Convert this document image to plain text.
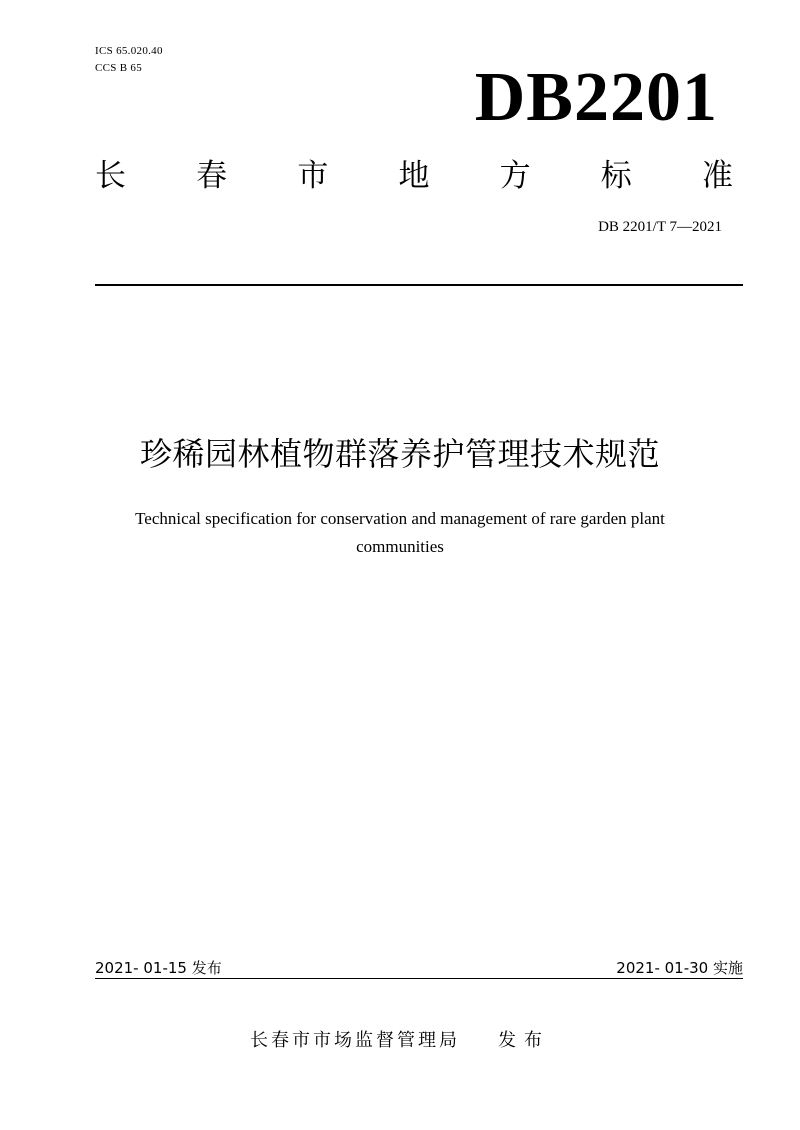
ICS 65.020.40
CCS B 65	DB2201
长 春 市 地 方 标 准
DB 2201/T 7—2021
珍稀园林植物群落养护管理技术规范
Technical specification for conservation and management of rare garden plant
communities
2021- 01-15 发布	2021- 01-30 实施
长春市市场监督管理局 发布
